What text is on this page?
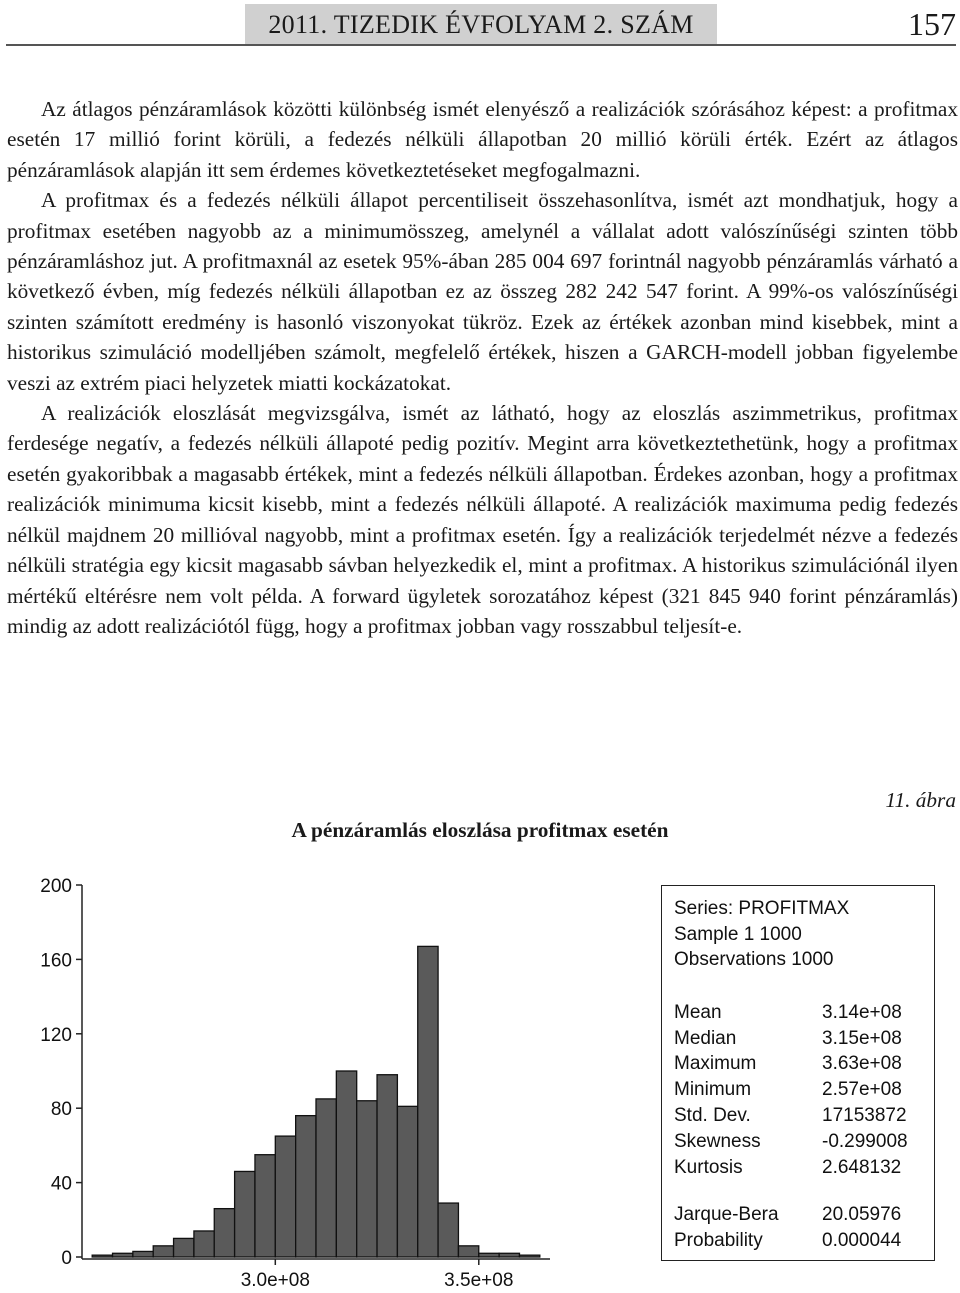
2011. TIZEDIK ÉVFOLYAM 2. SZÁM	157

Az átlagos pénzáramlások közötti különbség ismét elenyésző a realizációk szórásához képest: a profitmax esetén 17 millió forint körüli, a fedezés nélküli állapotban 20 millió körüli érték. Ezért az átlagos pénzáramlások alapján itt sem érdemes következtetéseket megfogalmazni.

A profitmax és a fedezés nélküli állapot percentiliseit összehasonlítva, ismét azt mondhatjuk, hogy a profitmax esetében nagyobb az a minimumösszeg, amelynél a vállalat adott valószínűségi szinten több pénzáramláshoz jut. A profitmaxnál az esetek 95%-ában 285 004 697 forintnál nagyobb pénzáramlás várható a következő évben, míg fedezés nélküli állapotban ez az összeg 282 242 547 forint. A 99%-os valószínűségi szinten számított eredmény is hasonló viszonyokat tükröz. Ezek az értékek azonban mind kisebbek, mint a historikus szimuláció modelljében számolt, megfelelő értékek, hiszen a GARCH-modell jobban figyelembe veszi az extrém piaci helyzetek miatti kockázatokat.

A realizációk eloszlását megvizsgálva, ismét az látható, hogy az eloszlás aszimmetrikus, profitmax ferdesége negatív, a fedezés nélküli állapoté pedig pozitív. Megint arra következtethetünk, hogy a profitmax esetén gyakoribbak a magasabb értékek, mint a fedezés nélküli állapotban. Érdekes azonban, hogy a profitmax realizációk minimuma kicsit kisebb, mint a fedezés nélküli állapoté. A realizációk maximuma pedig fedezés nélkül majdnem 20 millióval nagyobb, mint a profitmax esetén. Így a realizációk terjedelmét nézve a fedezés nélküli stratégia egy kicsit magasabb sávban helyezkedik el, mint a profitmax. A historikus szimulációnál ilyen mértékű eltérésre nem volt példa. A forward ügyletek sorozatához képest (321 845 940 forint pénzáramlás) mindig az adott realizációtól függ, hogy a profitmax jobban vagy rosszabbul teljesít-e.

11. ábra
A pénzáramlás eloszlása profitmax esetén
0
40
80
120
160
200
3.0e+08	3.5e+08
Series: PROFITMAX
Sample 1 1000
Observations 1000
Mean	3.14e+08
Median	3.15e+08
Maximum	3.63e+08
Minimum	2.57e+08
Std. Dev.	17153872
Skewness	-0.299008
Kurtosis	2.648132
Jarque-Bera 20.05976
Probability	0.000044
